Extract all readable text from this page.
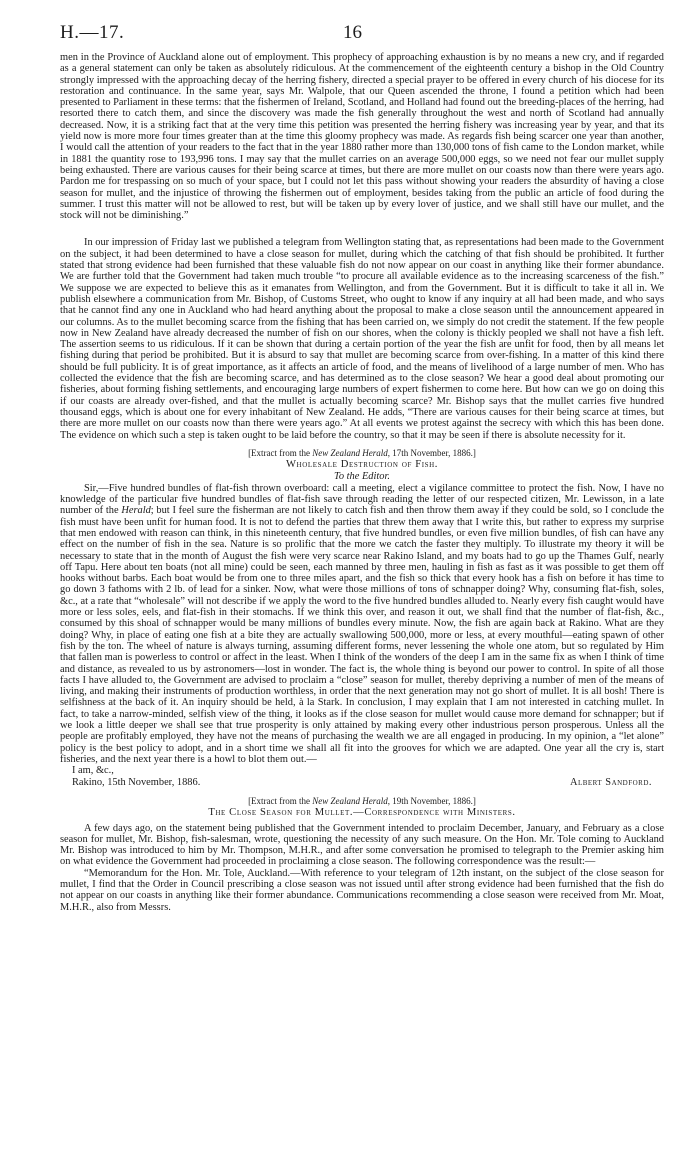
H.—17.	16

men in the Province of Auckland alone out of employment. This prophecy of approaching exhaustion is by no means a new cry, and if regarded as a general statement can only be taken as absolutely ridiculous. At the commencement of the eighteenth century a bishop in the Old Country strongly impressed with the approaching decay of the herring fishery, directed a special prayer to be offered in every church of his diocese for its restoration and continuance. In the same year, says Mr. Walpole, that our Queen ascended the throne, I found a petition which had been presented to Parliament in these terms: that the fishermen of Ireland, Scotland, and Holland had found out the breeding-places of the herring, had resorted there to catch them, and since the discovery was made the fish generally throughout the west and north of Scotland had annually decreased. Now, it is a striking fact that at the very time this petition was presented the herring fishery was increasing year by year, and that its yield now is more more four times greater than at the time this gloomy prophecy was made. As regards fish being scarcer one year than another, I would call the attention of your readers to the fact that in the year 1880 rather more than 130,000 tons of fish came to the London market, while in 1881 the quantity rose to 193,996 tons. I may say that the mullet carries on an average 500,000 eggs, so we need not fear our mullet supply being exhausted. There are various causes for their being scarce at times, but there are more mullet on our coasts now than there were years ago. Pardon me for trespassing on so much of your space, but I could not let this pass without showing your readers the absurdity of having a close season for mullet, and the injustice of throwing the fishermen out of employment, besides taking from the public an article of food during the summer. I trust this matter will not be allowed to rest, but will be taken up by every lover of justice, and we shall still have our mullet, and the stock will not be diminishing.”

In our impression of Friday last we published a telegram from Wellington stating that, as representations had been made to the Government on the subject, it had been determined to have a close season for mullet, during which the catching of that fish should be prohibited. It further stated that strong evidence had been furnished that these valuable fish do not now appear on our coast in anything like their former abundance. We are further told that the Government had taken much trouble “to procure all available evidence as to the increasing scarceness of the fish.” We suppose we are expected to believe this as it emanates from Wellington, and from the Government. But it is difficult to take it all in. We publish elsewhere a communication from Mr. Bishop, of Customs Street, who ought to know if any inquiry at all had been made, and who says that he cannot find any one in Auckland who had heard anything about the proposal to make a close season until the announcement appeared in our columns. As to the mullet becoming scarce from the fishing that has been carried on, we simply do not credit the statement. If the few people now in New Zealand have already decreased the number of fish on our shores, when the colony is thickly peopled we shall not have a fish left. The assertion seems to us ridiculous. If it can be shown that during a certain portion of the year the fish are unfit for food, then by all means let fishing during that period be prohibited. But it is absurd to say that mullet are becoming scarce from over-fishing. In a matter of this kind there should be full publicity. It is of great importance, as it affects an article of food, and the means of livelihood of a large number of men. Who has collected the evidence that the fish are becoming scarce, and has determined as to the close season? We hear a good deal about promoting our fisheries, about forming fishing settlements, and encouraging large numbers of expert fishermen to come here. But how can we go on doing this if our coasts are already over-fished, and that the mullet is actually becoming scarce? Mr. Bishop says that the mullet carries five hundred thousand eggs, which is about one for every inhabitant of New Zealand. He adds, “There are various causes for their being scarce at times, but there are more mullet on our coasts now than there were years ago.” At all events we protest against the secrecy with which this has been done. The evidence on which such a step is taken ought to be laid before the country, so that it may be seen if there is absolute necessity for it.

[Extract from the New Zealand Herald, 17th November, 1886.]
Wholesale Destruction of Fish.
To the Editor.

Sir,—Five hundred bundles of flat-fish thrown overboard: call a meeting, elect a vigilance committee to protect the fish. Now, I have no knowledge of the particular five hundred bundles of flat-fish save through reading the letter of our respected citizen, Mr. Lewisson, in a late number of the Herald; but I feel sure the fisherman are not likely to catch fish and then throw them away if they could be sold, so I conclude the fish must have been unfit for human food. It is not to defend the parties that threw them away that I write this, but rather to express my surprise that men endowed with reason can think, in this nineteenth century, that five hundred bundles, or even five million bundles, of fish can have any effect on the number of fish in the sea. Nature is so prolific that the more we catch the faster they multiply. To illustrate my theory it will be necessary to state that in the month of August the fish were very scarce near Rakino Island, and my boats had to go up the Thames Gulf, nearly off Tapu. Here about ten boats (not all mine) could be seen, each manned by three men, hauling in fish as fast as it was possible to get them off hooks without barbs. Each boat would be from one to three miles apart, and the fish so thick that every hook has a fish on before it has time to go down 3 fathoms with 2 lb. of lead for a sinker. Now, what were those millions of tons of schnapper doing? Why, consuming flat-fish, soles, &c., at a rate that “wholesale” will not describe if we apply the word to the five hundred bundles alluded to. Nearly every fish caught would have more or less soles, eels, and flat-fish in their stomachs. If we think this over, and reason it out, we shall find that the number of flat-fish, &c., consumed by this shoal of schnapper would be many millions of bundles every minute. Now, the fish are again back at Rakino. What are they doing? Why, in place of eating one fish at a bite they are actually swallowing 500,000, more or less, at every mouthful—eating spawn of other fish by the ton. The wheel of nature is always turning, assuming different forms, never lessening the whole one atom, but so regulated by Him that fallen man is powerless to control or affect in the least. When I think of the wonders of the deep I am in the same fix as when I think of time and distance, as revealed to us by astronomers—lost in wonder. The fact is, the whole thing is beyond our power to control. In spite of all those facts I have alluded to, the Government are advised to proclaim a “close” season for mullet, thereby depriving a number of men of the means of living, and making their instruments of production worthless, in order that the next generation may not go short of mullet. It is all bosh! There is selfishness at the back of it. An inquiry should be held, à la Stark. In conclusion, I may explain that I am not interested in catching mullet. In fact, to take a narrow-minded, selfish view of the thing, it looks as if the close season for mullet would cause more demand for schnapper; but if we look a little deeper we shall see that true prosperity is only attained by making every other industrious person prosperous. Unless all the people are profitably employed, they have not the means of purchasing the wealth we are all engaged in producing. In my opinion, a “let alone” policy is the best policy to adopt, and in a short time we shall all fit into the grooves for which we are adapted. One year all the cry is, start fisheries, and the next year there is a howl to blot them out.—

I am, &c.,

Rakino, 15th November, 1886.	Albert Sandford.
[Extract from the New Zealand Herald, 19th November, 1886.]
The Close Season for Mullet.—Correspondence with Ministers.

A few days ago, on the statement being published that the Government intended to proclaim December, January, and February as a close season for mullet, Mr. Bishop, fish-salesman, wrote, questioning the necessity of any such measure. On the Hon. Mr. Tole coming to Auckland Mr. Bishop was introduced to him by Mr. Thompson, M.H.R., and after some conversation he promised to telegraph to the Premier asking him on what evidence the Government had proceeded in proclaiming a close season. The following correspondence was the result:—

“Memorandum for the Hon. Mr. Tole, Auckland.—With reference to your telegram of 12th instant, on the subject of the close season for mullet, I find that the Order in Council prescribing a close season was not issued until after strong evidence had been furnished that the fish do not appear on our coasts in anything like their former abundance. Communications recommending a close season were received from Mr. Moat, M.H.R., also from Messrs.
